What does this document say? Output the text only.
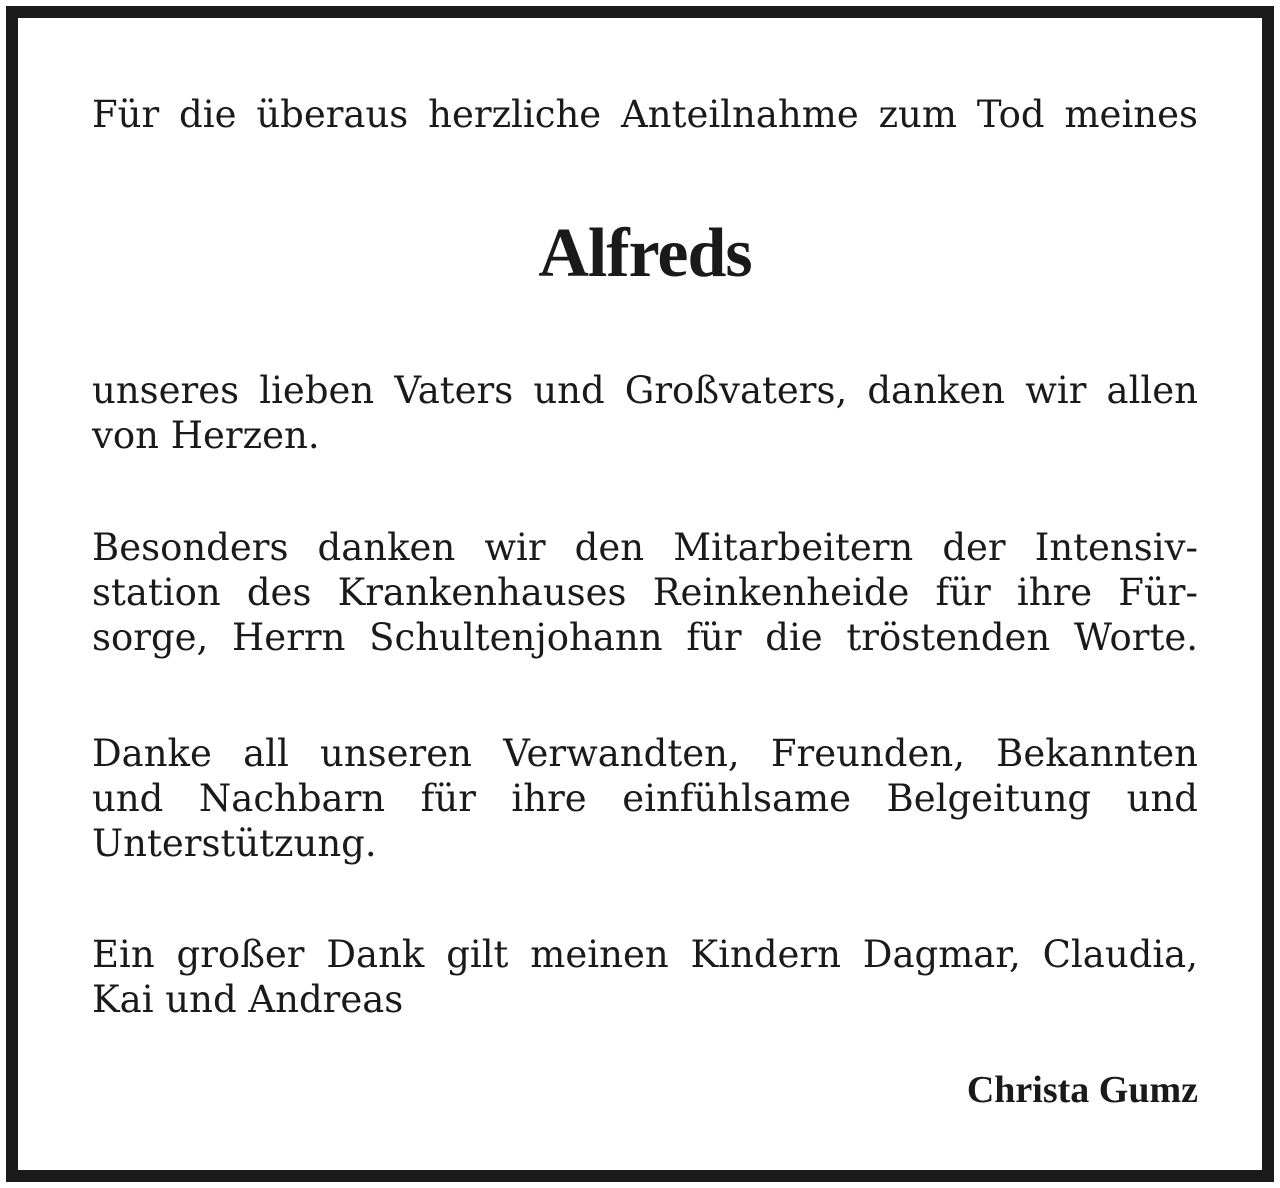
Für die überaus herzliche Anteilnahme zum Tod meines
Alfreds
unseres lieben Vaters und Großvaters, danken wir allen
von Herzen.
Besonders danken wir den Mitarbeitern der Intensiv-
station des Krankenhauses Reinkenheide für ihre Für-
sorge, Herrn Schultenjohann für die tröstenden Worte.
Danke all unseren Verwandten, Freunden, Bekannten
und Nachbarn für ihre einfühlsame Belgeitung und
Unterstützung.
Ein großer Dank gilt meinen Kindern Dagmar, Claudia,
Kai und Andreas
Christa Gumz
